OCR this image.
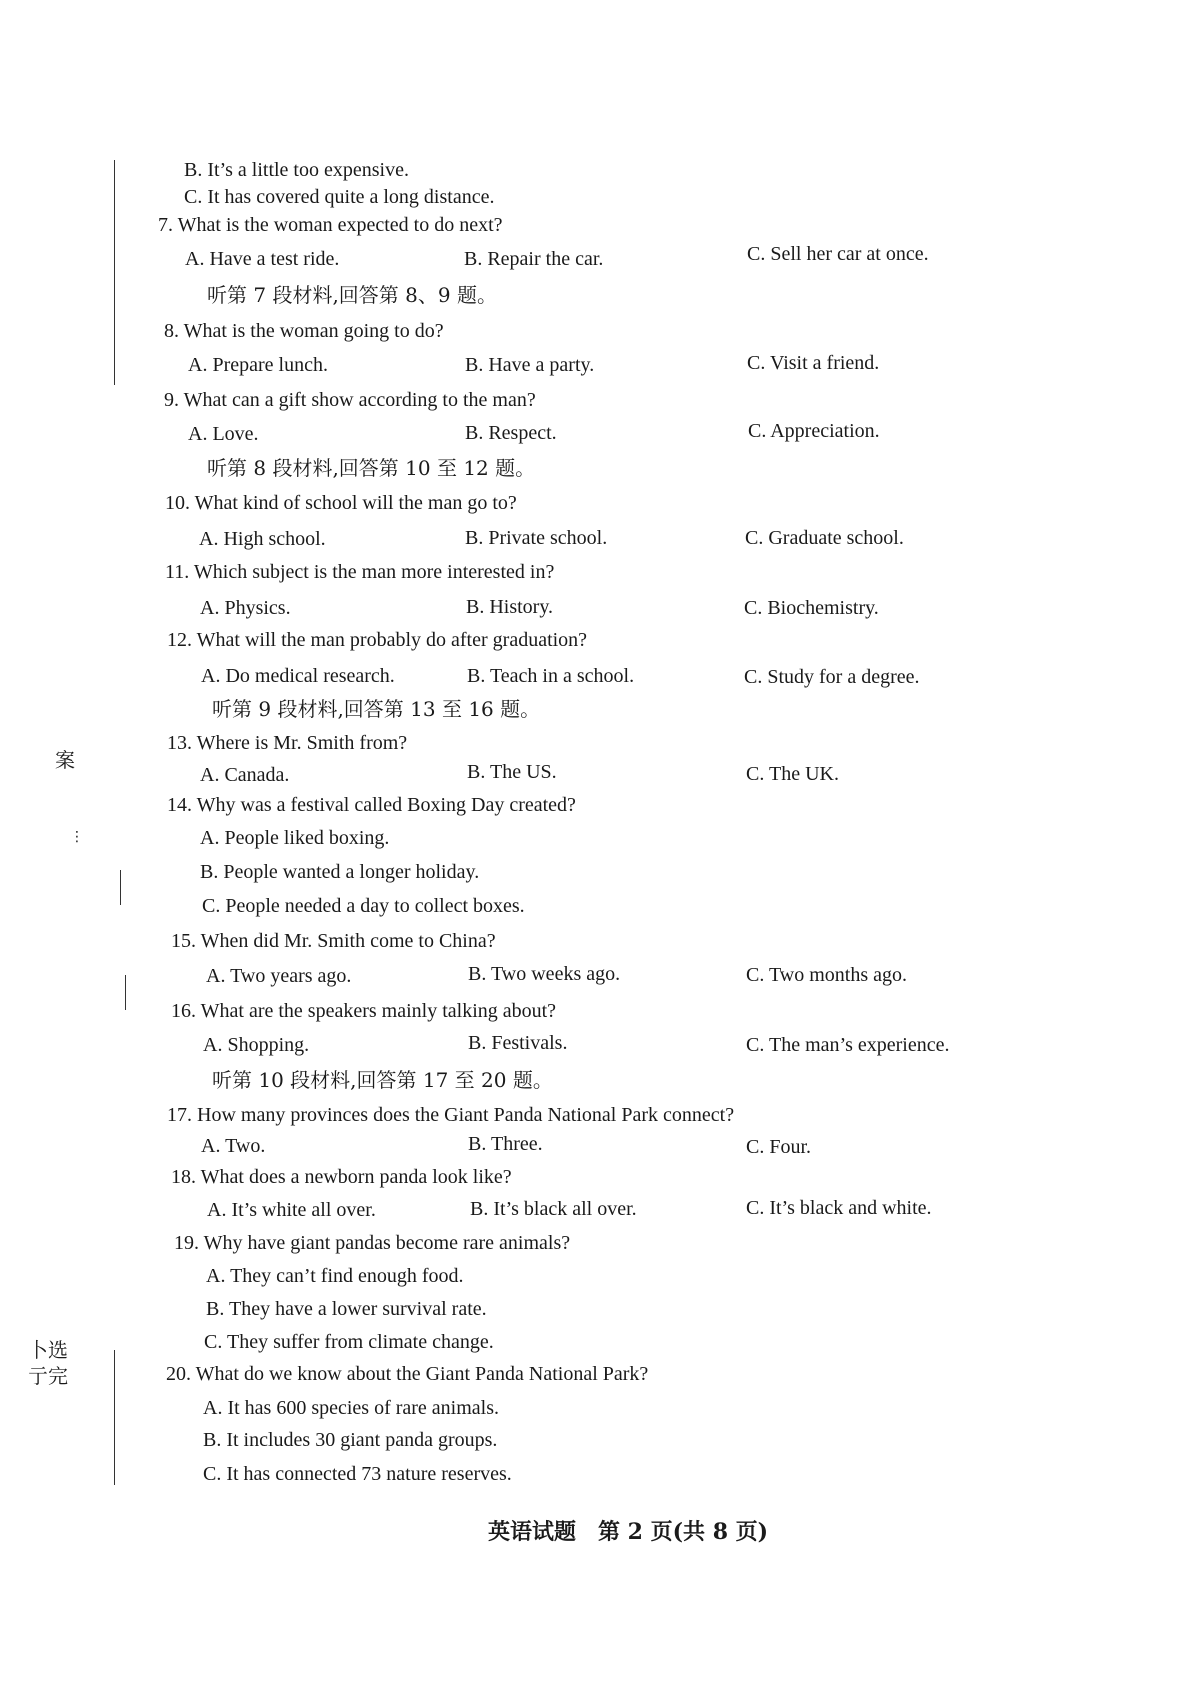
案
⋮
卜选
亍完
B. It’s a little too expensive.
C. It has covered quite a long distance.
7. What is the woman expected to do next?
A. Have a test ride.	B. Repair the car.	C. Sell her car at once.
听第 7 段材料,回答第 8、9 题。
8. What is the woman going to do?
A. Prepare lunch.	B. Have a party.	C. Visit a friend.
9. What can a gift show according to the man?
A. Love.	B. Respect.	C. Appreciation.
听第 8 段材料,回答第 10 至 12 题。
10. What kind of school will the man go to?
A. High school.	B. Private school.	C. Graduate school.
11. Which subject is the man more interested in?
A. Physics.	B. History.	C. Biochemistry.
12. What will the man probably do after graduation?
A. Do medical research.	B. Teach in a school.	C. Study for a degree.
听第 9 段材料,回答第 13 至 16 题。
13. Where is Mr. Smith from?
A. Canada.	B. The US.	C. The UK.
14. Why was a festival called Boxing Day created?
A. People liked boxing.
B. People wanted a longer holiday.
C. People needed a day to collect boxes.
15. When did Mr. Smith come to China?
A. Two years ago.	B. Two weeks ago.	C. Two months ago.
16. What are the speakers mainly talking about?
A. Shopping.	B. Festivals.	C. The man’s experience.
听第 10 段材料,回答第 17 至 20 题。
17. How many provinces does the Giant Panda National Park connect?
A. Two.	B. Three.	C. Four.
18. What does a newborn panda look like?
A. It’s white all over.	B. It’s black all over.	C. It’s black and white.
19. Why have giant pandas become rare animals?
A. They can’t find enough food.
B. They have a lower survival rate.
C. They suffer from climate change.
20. What do we know about the Giant Panda National Park?
A. It has 600 species of rare animals.
B. It includes 30 giant panda groups.
C. It has connected 73 nature reserves.
英语试题　第 2 页(共 8 页)
